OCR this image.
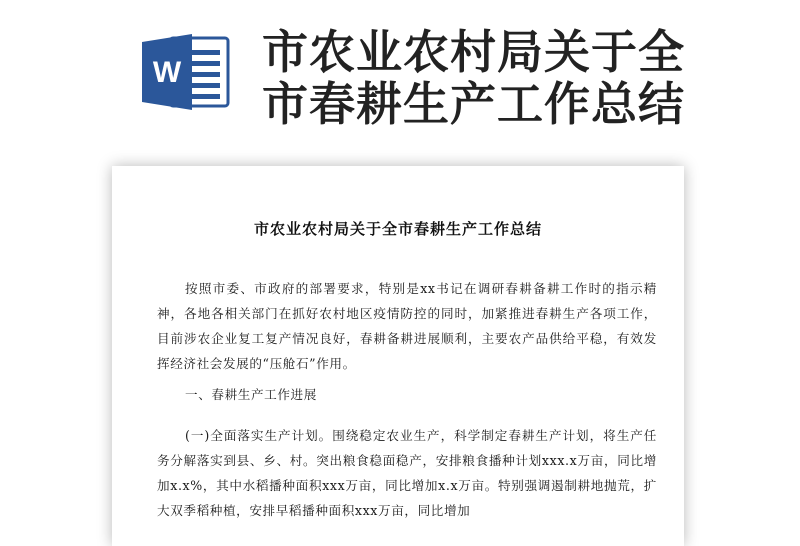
W 市农业农村局关于全
市春耕生产工作总结
市农业农村局关于全市春耕生产工作总结
按照市委、市政府的部署要求，特别是xx书记在调研春耕备耕工作时的指示精神，各地各相关部门在抓好农村地区疫情防控的同时，加紧推进春耕生产各项工作，目前涉农企业复工复产情况良好，春耕备耕进展顺利，主要农产品供给平稳，有效发挥经济社会发展的“压舱石”作用。
一、春耕生产工作进展
(一)全面落实生产计划。围绕稳定农业生产，科学制定春耕生产计划，将生产任务分解落实到县、乡、村。突出粮食稳面稳产，安排粮食播种计划xxx.x万亩，同比增加x.x%，其中水稻播种面积xxx万亩，同比增加x.x万亩。特别强调遏制耕地抛荒，扩大双季稻种植，安排早稻播种面积xxx万亩，同比增加
